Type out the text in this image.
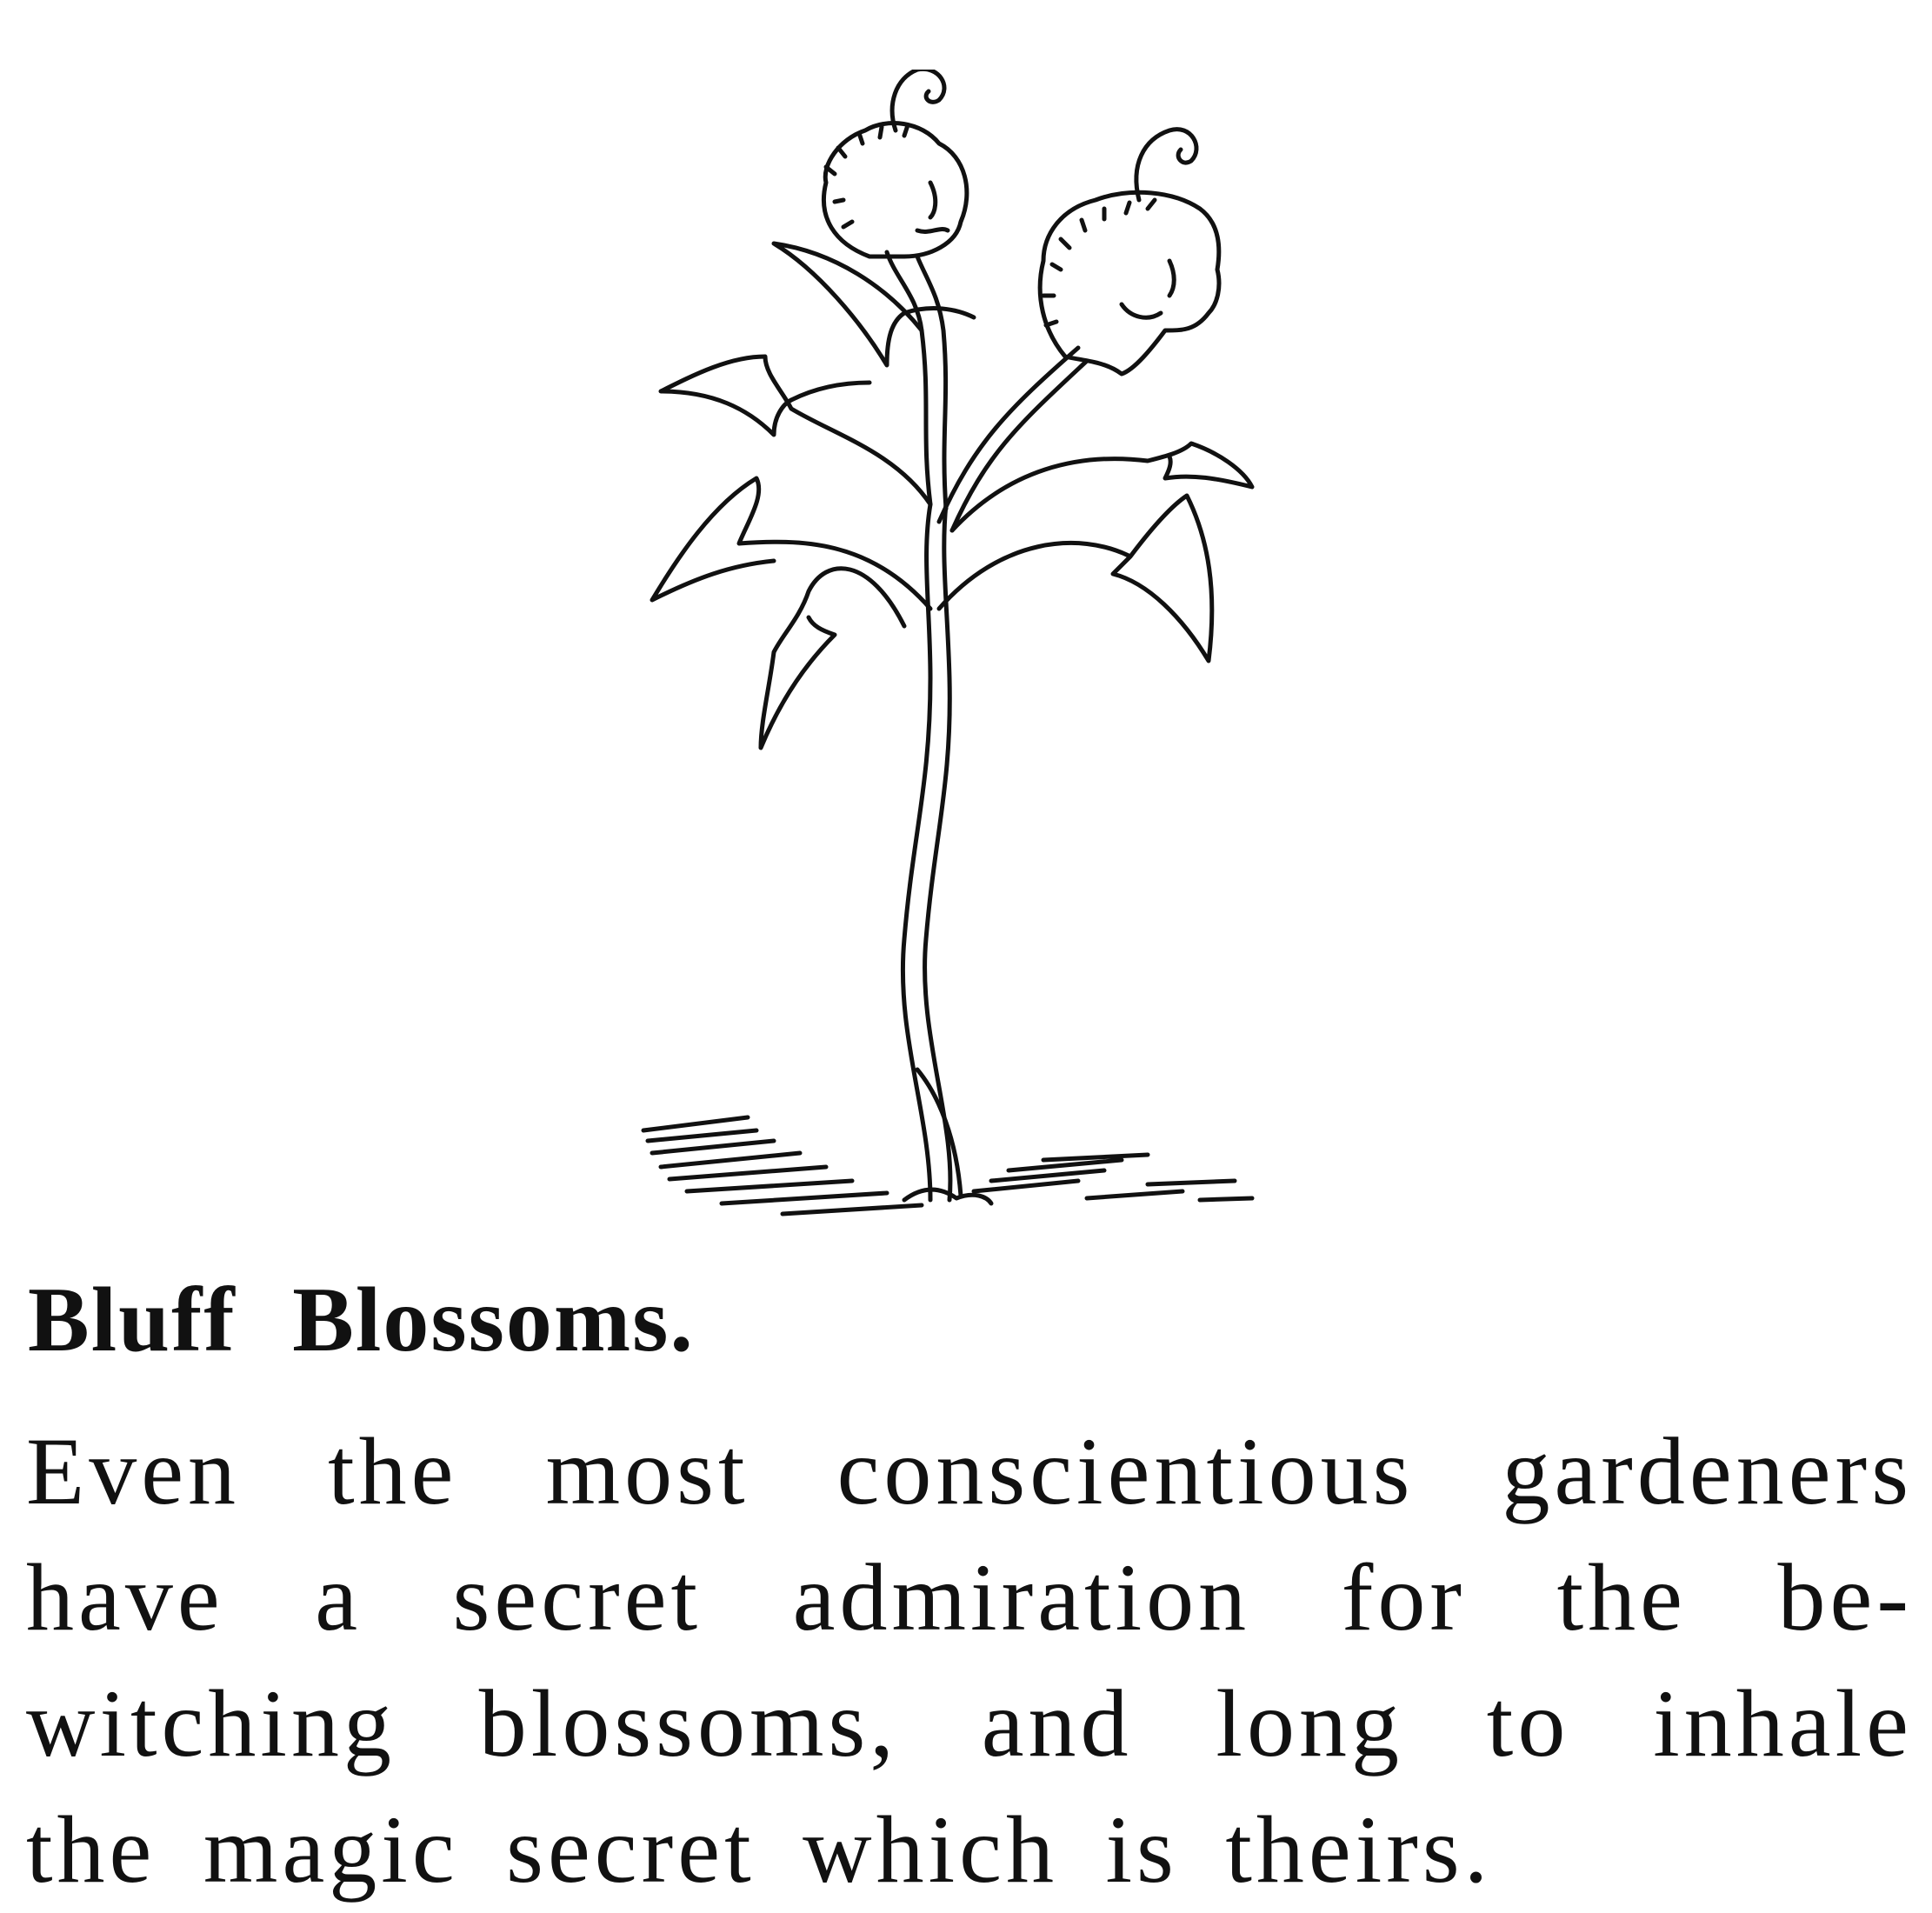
Bluff Blossoms.
Even the most conscientious gardeners
have a secret admiration for the be-
witching blossoms, and long to inhale
the magic secret which is theirs.
